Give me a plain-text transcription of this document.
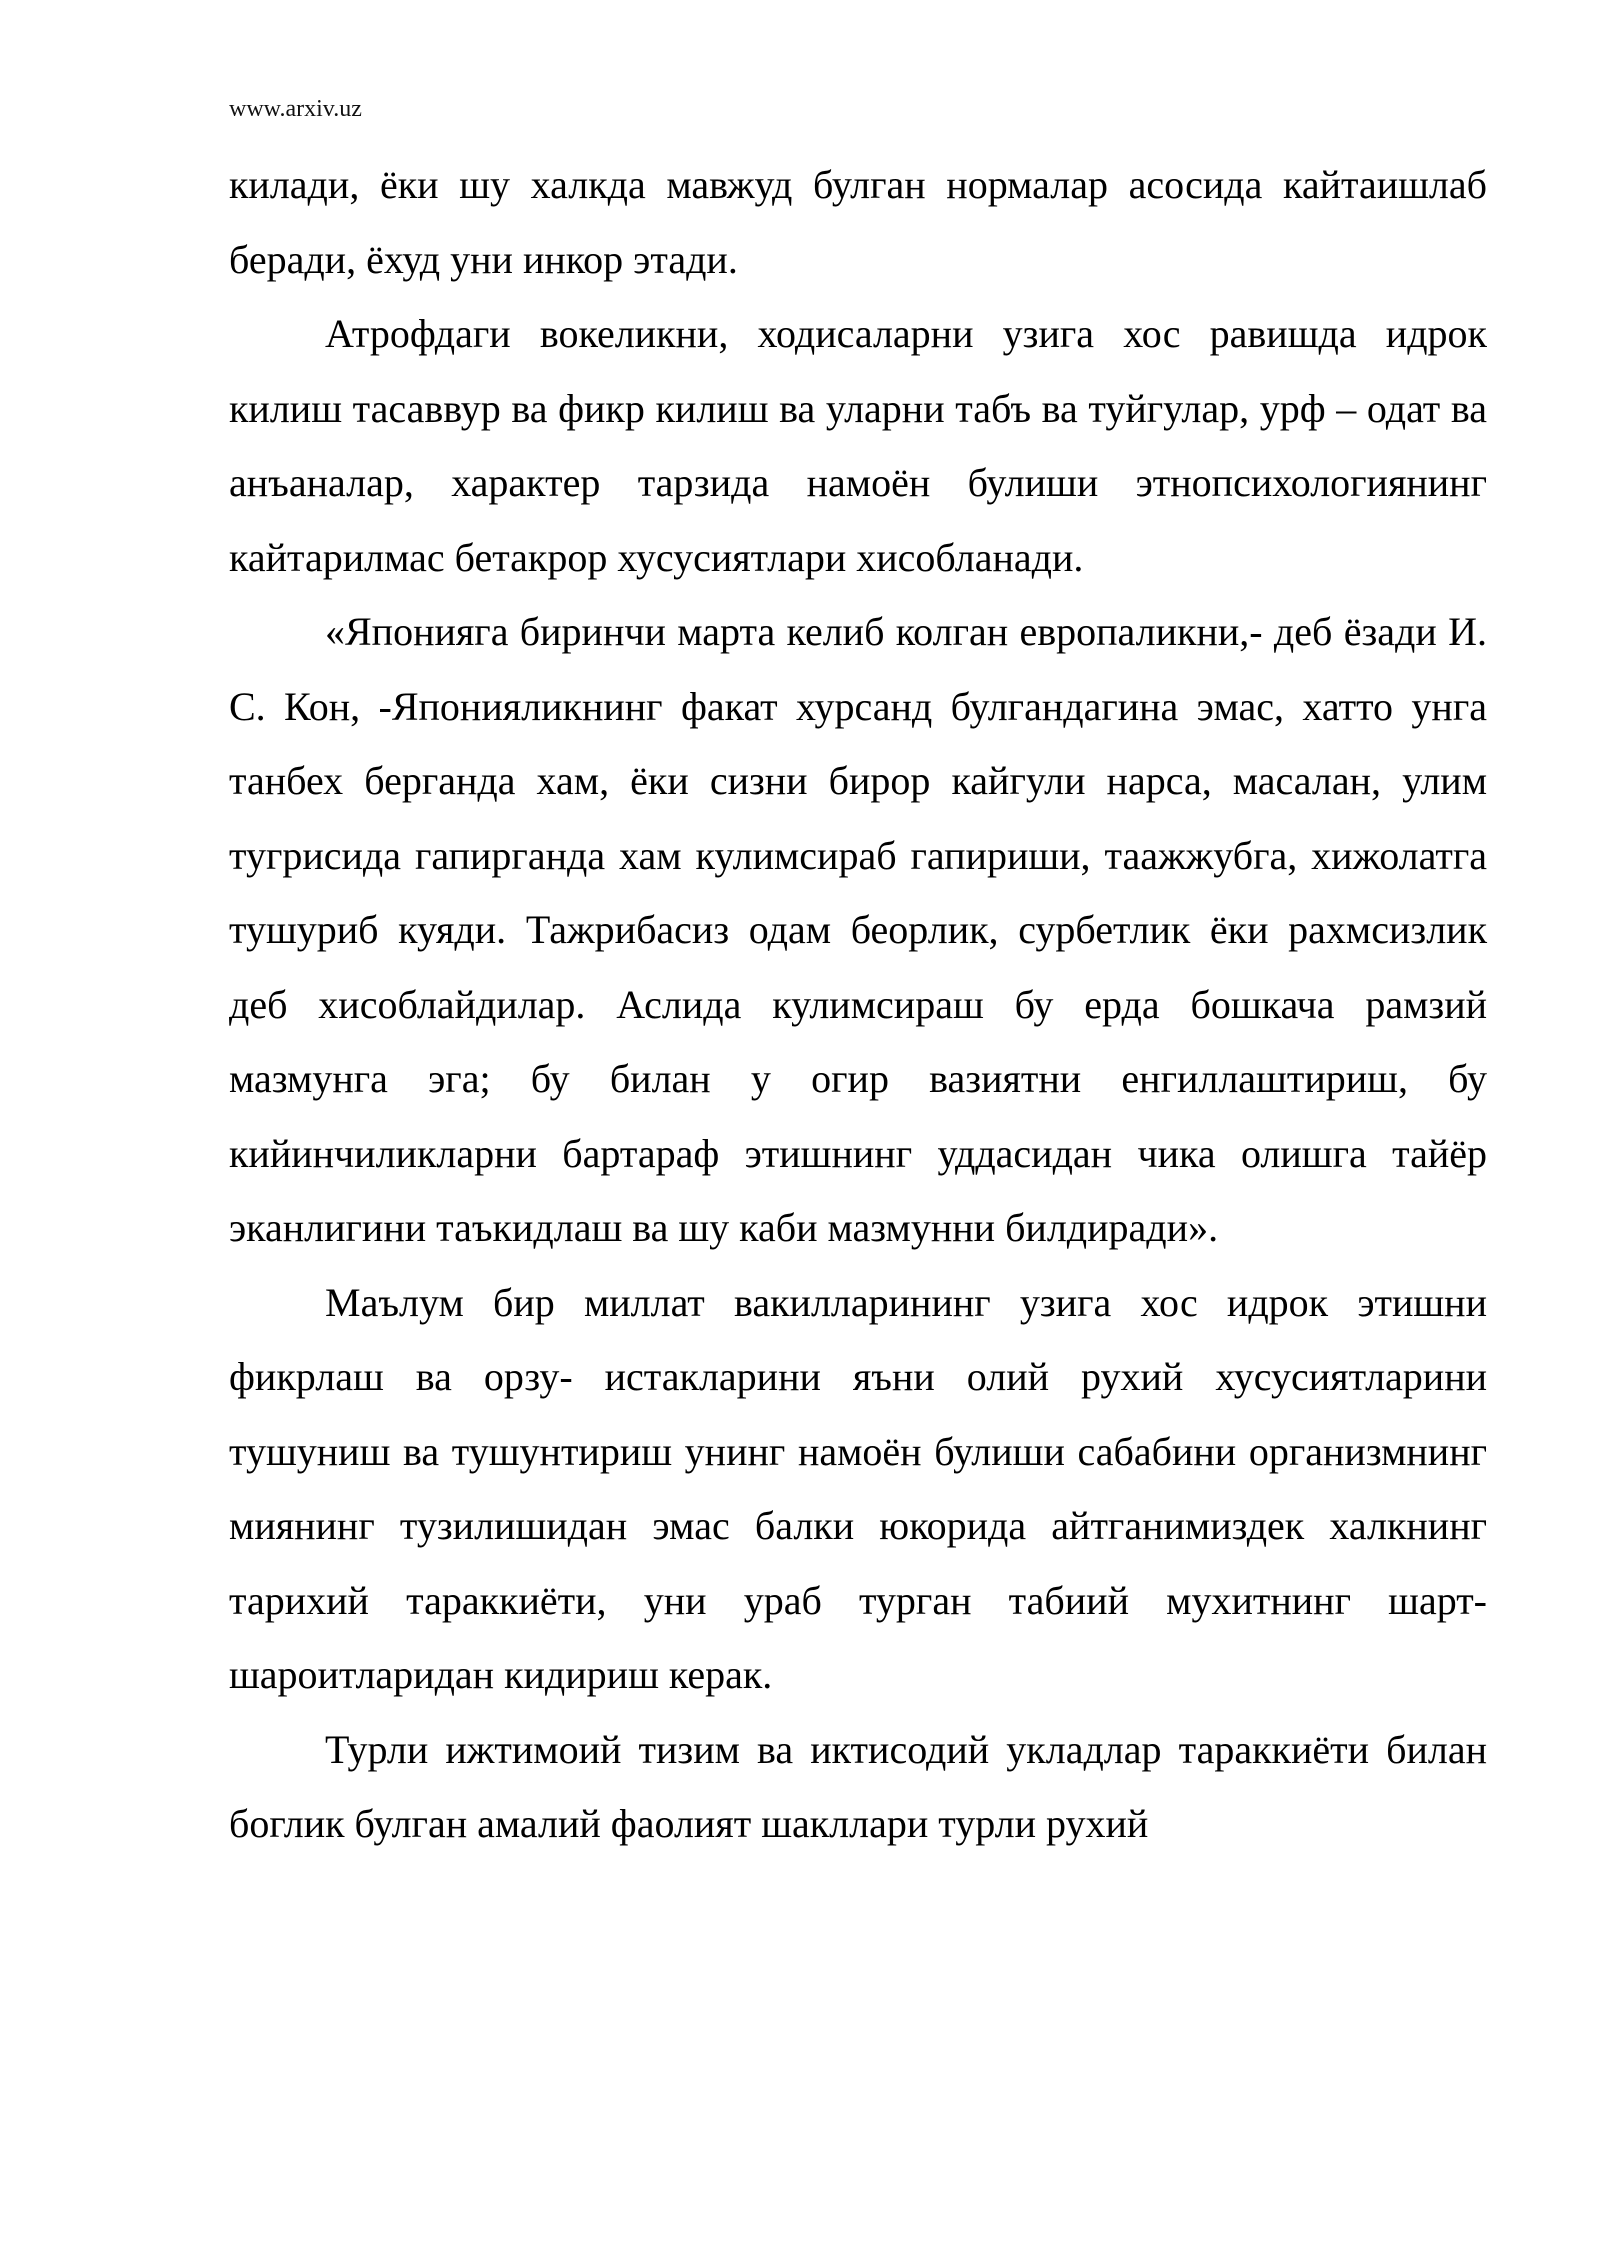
www.arxiv.uz

килади, ёки шу халкда мавжуд булган нормалар асосида кайтаишлаб беради, ёхуд уни инкор этади.

Атрофдаги вокеликни, ходисаларни узига хос равишда идрок килиш тасаввур ва фикр килиш ва уларни табъ ва туйгулар, урф – одат ва анъаналар, характер тарзида намоён булиши этнопсихологиянинг кайтарилмас бетакрор хусусиятлари хисобланади.

«Японияга биринчи марта келиб колган европаликни,- деб ёзади И. С. Кон, -Японияликнинг факат хурсанд булгандагина эмас, хатто унга танбех берганда хам, ёки сизни бирор кайгули нарса, масалан, улим тугрисида гапирганда хам кулимсираб гапириши, таажжубга, хижолатга тушуриб куяди. Тажрибасиз одам беорлик, сурбетлик ёки рахмсизлик деб хисоблайдилар. Аслида кулимсираш бу ерда бошкача рамзий мазмунга эга; бу билан у огир вазиятни енгиллаштириш, бу кийинчиликларни бартараф этишнинг уддасидан чика олишга тайёр эканлигини таъкидлаш ва шу каби мазмунни билдиради».

Маълум бир миллат вакилларининг узига хос идрок этишни фикрлаш ва орзу- истакларини яъни олий рухий хусусиятларини тушуниш ва тушунтириш унинг намоён булиши сабабини организмнинг миянинг тузилишидан эмас балки юкорида айтганимиздек халкнинг тарихий тараккиёти, уни ураб турган табиий мухитнинг шарт-шароитларидан кидириш керак.

Турли ижтимоий тизим ва иктисодий укладлар тараккиёти билан боглик булган амалий фаолият шакллари турли рухий
